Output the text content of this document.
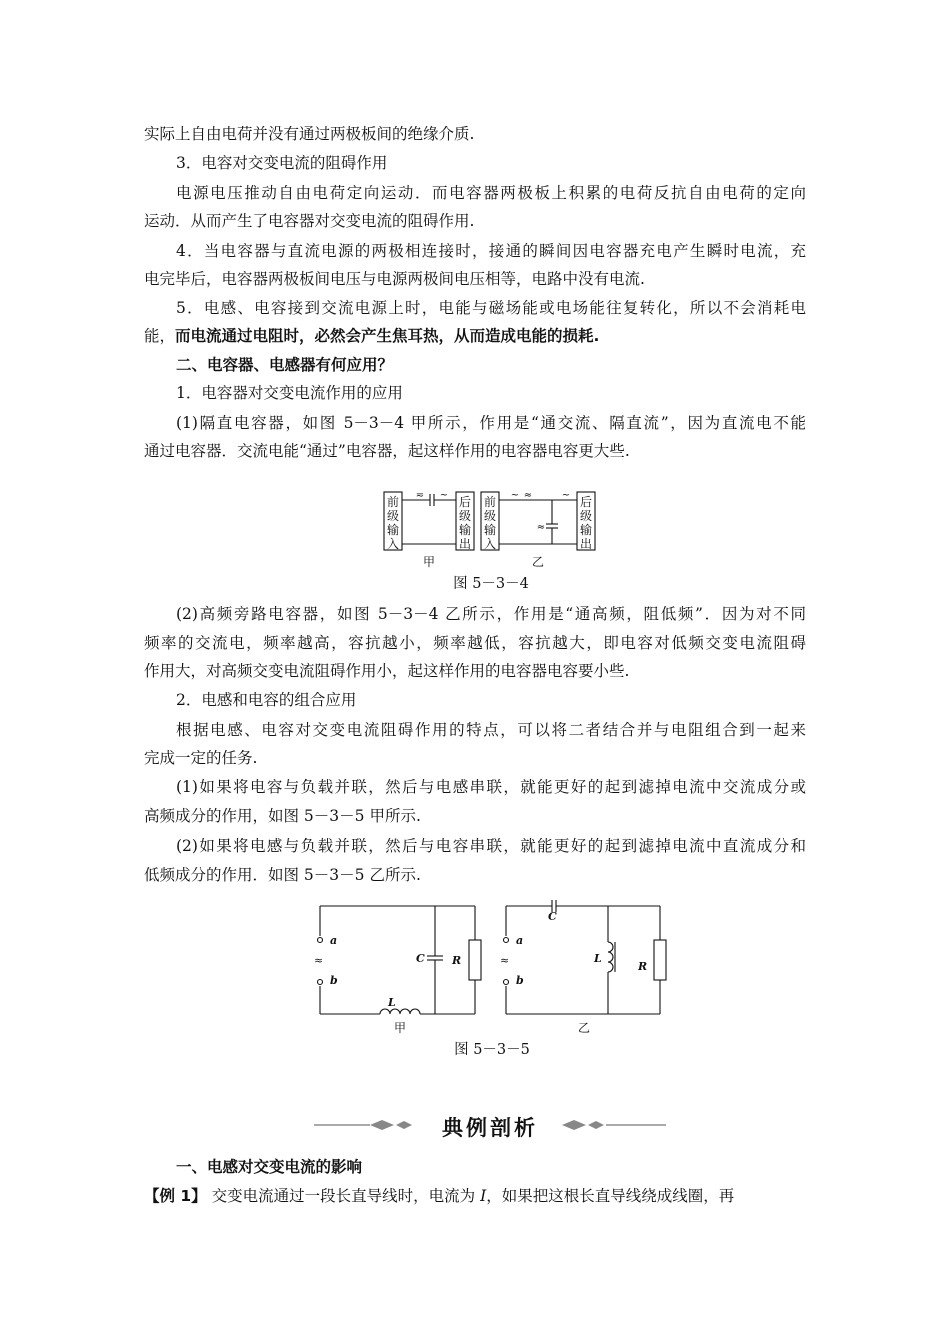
实际上自由电荷并没有通过两极板间的绝缘介质.
3．电容对交变电流的阻碍作用
电源电压推动自由电荷定向运动．而电容器两极板上积累的电荷反抗自由电荷的定向
运动．从而产生了电容器对交变电流的阻碍作用.
4．当电容器与直流电源的两极相连接时，接通的瞬间因电容器充电产生瞬时电流，充
电完毕后，电容器两极板间电压与电源两极间电压相等，电路中没有电流.
5．电感、电容接到交流电源上时，电能与磁场能或电场能往复转化，所以不会消耗电
能，而电流通过电阻时，必然会产生焦耳热，从而造成电能的损耗.
二、电容器、电感器有何应用？
1．电容器对交变电流作用的应用
(1)隔直电容器，如图 5－3－4 甲所示，作用是“通交流、隔直流”，因为直流电不能
通过电容器．交流电能“通过”电容器，起这样作用的电容器电容更大些.
前
级
输
入
后
级
输
出
前
级
输
入
后
级
输
出
≂ ~	~ ≈	~
≈
甲	乙
图 5－3－4
(2)高频旁路电容器，如图 5－3－4 乙所示，作用是“通高频，阻低频”．因为对不同
频率的交流电，频率越高，容抗越小，频率越低，容抗越大，即电容对低频交变电流阻碍
作用大，对高频交变电流阻碍作用小，起这样作用的电容器电容要小些.
2．电感和电容的组合应用
根据电感、电容对交变电流阻碍作用的特点，可以将二者结合并与电阻组合到一起来
完成一定的任务.
(1)如果将电容与负载并联，然后与电感串联，就能更好的起到滤掉电流中交流成分或
高频成分的作用，如图 5－3－5 甲所示.
(2)如果将电感与负载并联，然后与电容串联，就能更好的起到滤掉电流中直流成分和
低频成分的作用．如图 5－3－5 乙所示.
a
b
≈	C R
L
甲
a
b
≈
C
L
R
乙
图 5－3－5
典例剖析
一、电感对交变电流的影响
【例 1】 交变电流通过一段长直导线时，电流为 I，如果把这根长直导线绕成线圈，再
